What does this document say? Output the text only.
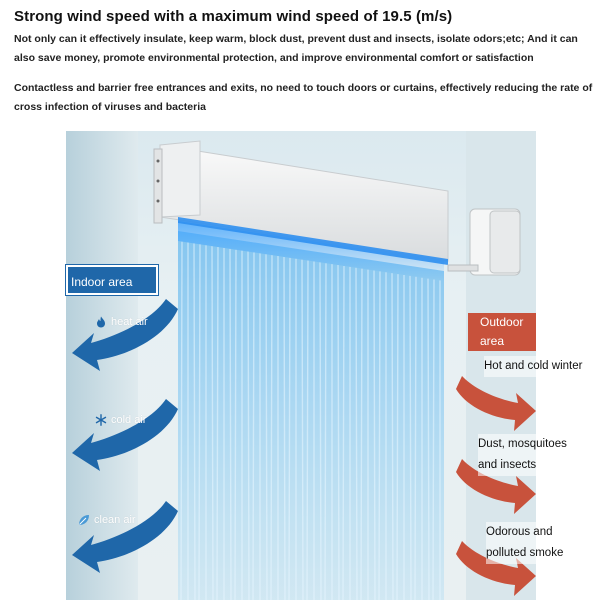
Strong wind speed with a maximum wind speed of 19.5 (m/s)
Not only can it effectively insulate, keep warm, block dust, prevent dust and insects, isolate odors;etc; And it can also save money, promote environmental protection, and improve environmental comfort or satisfaction
Contactless and barrier free entrances and exits, no need to touch doors or curtains, effectively reducing the rate of cross infection of viruses and bacteria
Indoor area
heat air
cold air
clean air
Outdoor area
Hot and cold winter
Dust, mosquitoes and insects
Odorous and polluted smoke
